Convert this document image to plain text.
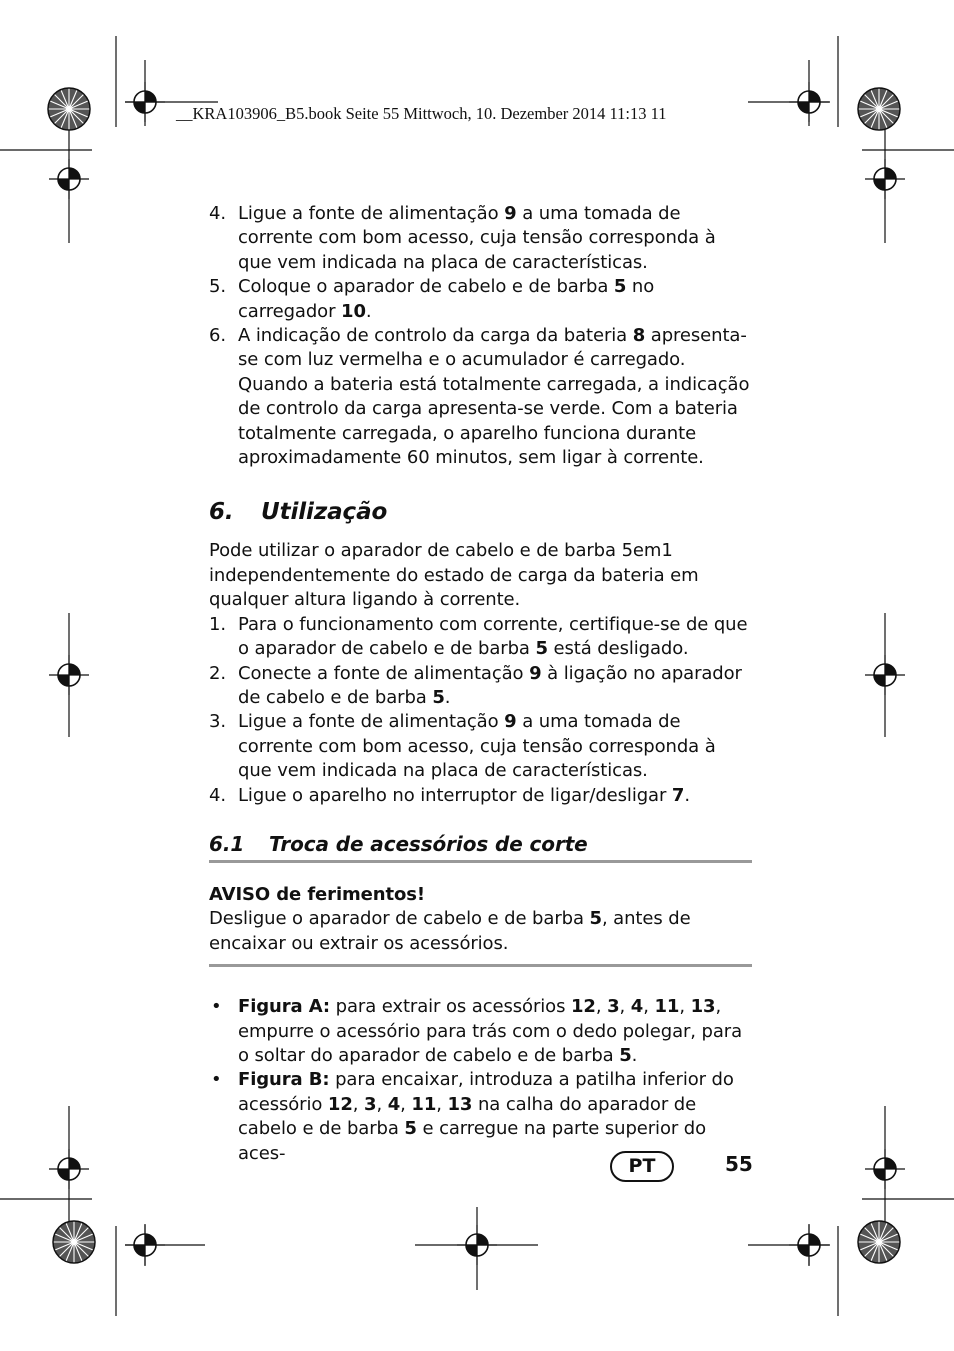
__KRA103906_B5.book Seite 55 Mittwoch, 10. Dezember 2014 11:13 11
4. Ligue a fonte de alimentação 9 a uma tomada de corrente com bom acesso, cuja tensão corresponda à que vem indicada na placa de características.
5. Coloque o aparador de cabelo e de barba 5 no carregador 10.
6. A indicação de controlo da carga da bateria 8 apresenta-se com luz vermelha e o acumulador é carregado. Quando a bateria está totalmente carregada, a indicação de controlo da carga apresenta-se verde. Com a bateria totalmente carregada, o aparelho funciona durante aproximadamente 60 minutos, sem ligar à corrente.
6. Utilização

Pode utilizar o aparador de cabelo e de barba 5em1 independentemente do estado de carga da bateria em qualquer altura ligando à corrente.

1. Para o funcionamento com corrente, certifique-se de que o aparador de cabelo e de barba 5 está desligado.
2. Conecte a fonte de alimentação 9 à ligação no aparador de cabelo e de barba 5.
3. Ligue a fonte de alimentação 9 a uma tomada de corrente com bom acesso, cuja tensão corresponda à que vem indicada na placa de características.
4. Ligue o aparelho no interruptor de ligar/desligar 7.
6.1 Troca de acessórios de corte

AVISO de ferimentos!

Desligue o aparador de cabelo e de barba 5, antes de encaixar ou extrair os acessórios.

• Figura A: para extrair os acessórios 12, 3, 4, 11, 13, empurre o acessório para trás com o dedo polegar, para o soltar do aparador de cabelo e de barba 5.
• Figura B: para encaixar, introduza a patilha inferior do acessório 12, 3, 4, 11, 13 na calha do aparador de cabelo e de barba 5 e carregue na parte superior do aces-
PT	55
